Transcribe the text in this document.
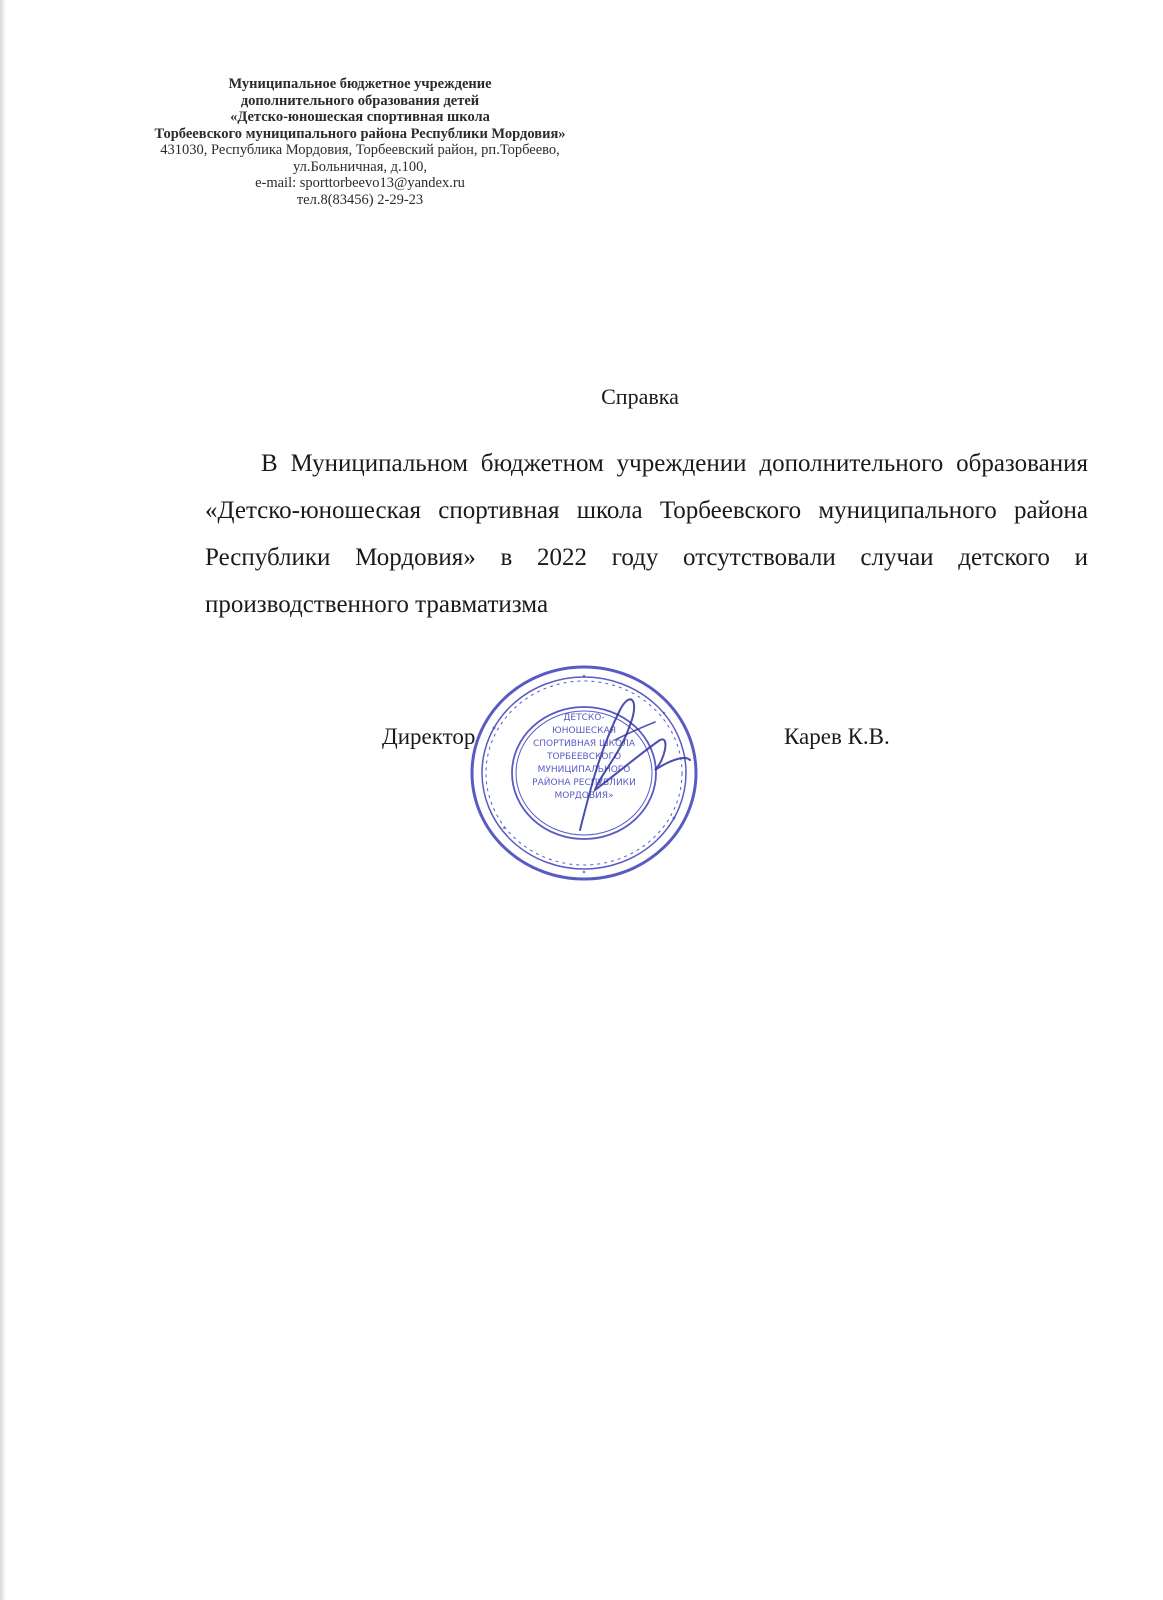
Муниципальное бюджетное учреждение
дополнительного образования детей
«Детско-юношеская спортивная школа
Торбеевского муниципального района Республики Мордовия»
431030, Республика Мордовия, Торбеевский район, рп.Торбеево,
ул.Больничная, д.100,
e-mail: sporttorbeevo13@yandex.ru
тел.8(83456) 2-29-23
Справка
В Муниципальном бюджетном учреждении дополнительного образования «Детско-юношеская спортивная школа Торбеевского муниципального района Республики Мордовия» в 2022 году отсутствовали случаи детского и производственного травматизма
Директор	Карев К.В.
ДЕТСКО-
ЮНОШЕСКАЯ
СПОРТИВНАЯ ШКОЛА
ТОРБЕЕВСКОГО
МУНИЦИПАЛЬНОГО
РАЙОНА РЕСПУБЛИКИ
МОРДОВИЯ»
